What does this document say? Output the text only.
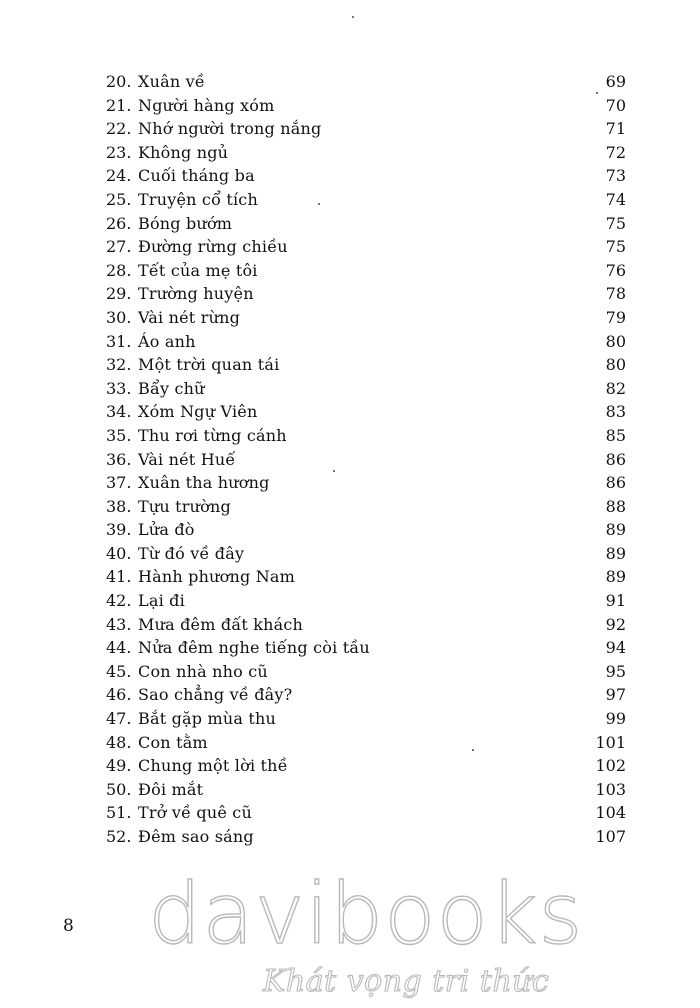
20. Xuân về	69
21. Người hàng xóm	70
22. Nhớ người trong nắng	71
23. Không ngủ	72
24. Cuối tháng ba	73
25. Truyện cổ tích	74
26. Bóng bướm	75
27. Đường rừng chiều	75
28. Tết của mẹ tôi	76
29. Trường huyện	78
30. Vài nét rừng	79
31. Áo anh	80
32. Một trời quan tái	80
33. Bẩy chữ	82
34. Xóm Ngự Viên	83
35. Thu rơi từng cánh	85
36. Vài nét Huế	86
37. Xuân tha hương	86
38. Tựu trường	88
39. Lửa đò	89
40. Từ đó về đây	89
41. Hành phương Nam	89
42. Lại đi	91
43. Mưa đêm đất khách	92
44. Nửa đêm nghe tiếng còi tầu	94
45. Con nhà nho cũ	95
46. Sao chẳng về đây?	97
47. Bắt gặp mùa thu	99
48. Con tằm	101
49. Chung một lời thề	102
50. Đôi mắt	103
51. Trở về quê cũ	104
52. Đêm sao sáng	107
8 davibooks
Khát vọng tri thức
